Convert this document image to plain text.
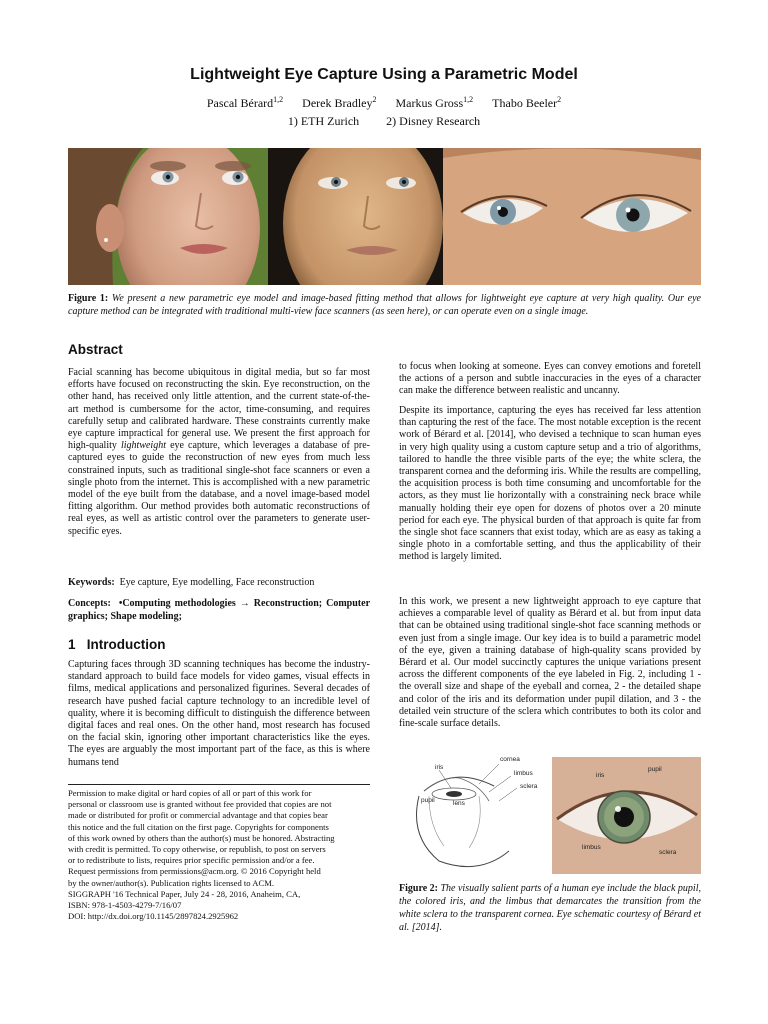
Lightweight Eye Capture Using a Parametric Model
Pascal Bérard$^{1,2}$ Derek Bradley$^2$ Markus Gross$^{1,2}$ Thabo Beeler$^2$
1) ETH Zurich 2) Disney Research
Figure 1: We present a new parametric eye model and image-based fitting method that allows for lightweight eye capture at very high quality. Our eye capture method can be integrated with traditional multi-view face scanners (as seen here), or can operate even on a single image.
Abstract
Facial scanning has become ubiquitous in digital media, but so far most efforts have focused on reconstructing the skin. Eye reconstruction, on the other hand, has received only little attention, and the current state-of-the-art method is cumbersome for the actor, time-consuming, and requires carefully setup and calibrated hardware. These constraints currently make eye capture impractical for general use. We present the first approach for high-quality lightweight eye capture, which leverages a database of pre-captured eyes to guide the reconstruction of new eyes from much less constrained inputs, such as traditional single-shot face scanners or even a single photo from the internet. This is accomplished with a new parametric model of the eye built from the database, and a novel image-based model fitting algorithm. Our method provides both automatic reconstructions of real eyes, as well as artistic control over the parameters to generate user-specific eyes.
Keywords: Eye capture, Eye modelling, Face reconstruction
Concepts: •Computing methodologies → Reconstruction; Computer graphics; Shape modeling;
1 Introduction
Capturing faces through 3D scanning techniques has become the industry-standard approach to build face models for video games, visual effects in films, medical applications and personalized figurines. Several decades of research have pushed facial capture technology to an incredible level of quality, where it is becoming difficult to distinguish the difference between digital faces and real ones. On the other hand, most research has focused on the facial skin, ignoring other important characteristics like the eyes. The eyes are arguably the most important part of the face, as this is where humans tend
Permission to make digital or hard copies of all or part of this work for
personal or classroom use is granted without fee provided that copies are not
made or distributed for profit or commercial advantage and that copies bear
this notice and the full citation on the first page. Copyrights for components
of this work owned by others than the author(s) must be honored. Abstracting
with credit is permitted. To copy otherwise, or republish, to post on servers
or to redistribute to lists, requires prior specific permission and/or a fee.
Request permissions from permissions@acm.org. © 2016 Copyright held
by the owner/author(s). Publication rights licensed to ACM.
SIGGRAPH '16 Technical Paper, July 24 - 28, 2016, Anaheim, CA,
ISBN: 978-1-4503-4279-7/16/07
DOI: http://dx.doi.org/10.1145/2897824.2925962
to focus when looking at someone. Eyes can convey emotions and foretell the actions of a person and subtle inaccuracies in the eyes of a character can make the difference between realistic and uncanny.
Despite its importance, capturing the eyes has received far less attention than capturing the rest of the face. The most notable exception is the recent work of Bérard et al. [2014], who devised a technique to scan human eyes in very high quality using a custom capture setup and a trio of algorithms, tailored to handle the three visible parts of the eye; the white sclera, the transparent cornea and the deforming iris. While the results are compelling, the acquisition process is both time consuming and uncomfortable for the actors, as they must lie horizontally with a constraining neck brace while manually holding their eye open for dozens of photos over a 20 minute period for each eye. The physical burden of that approach is quite far from the single shot face scanners that exist today, which are as easy as taking a single photo in a comfortable setting, and thus the applicability of their method is largely limited.
In this work, we present a new lightweight approach to eye capture that achieves a comparable level of quality as Bérard et al. but from input data that can be obtained using traditional single-shot face scanning methods or even just from a single image. Our key idea is to build a parametric model of the eye, given a training database of high-quality scans provided by Bérard et al. Our model succinctly captures the unique variations present across the different components of the eye labeled in Fig. 2, including 1 - the overall size and shape of the eyeball and cornea, 2 - the detailed shape and color of the iris and its deformation under pupil dilation, and 3 - the detailed vein structure of the sclera which contributes to both its color and fine-scale surface details.
cornea
iris
limbus
sclera
pupil	lens
iris
pupil
limbus
sclera
Figure 2: The visually salient parts of a human eye include the black pupil, the colored iris, and the limbus that demarcates the transition from the white sclera to the transparent cornea. Eye schematic courtesy of Bérard et al. [2014].
